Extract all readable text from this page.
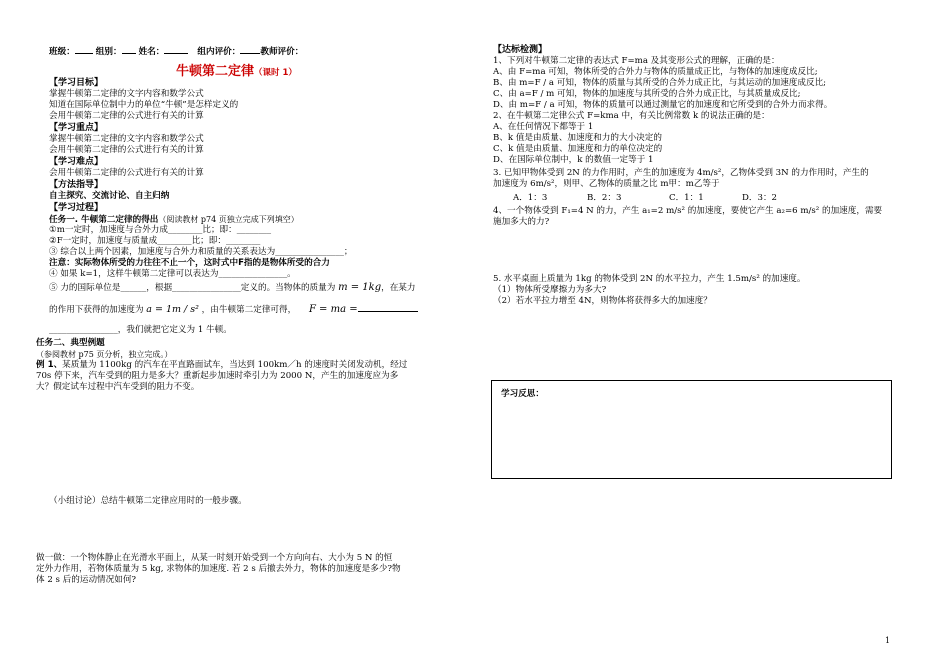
班级： 组别： 姓名：	组内评价： 教师评价：
牛顿第二定律（课时 1）
【学习目标】
掌握牛顿第二定律的文字内容和数学公式
知道在国际单位制中力的单位“牛顿”是怎样定义的
会用牛顿第二定律的公式进行有关的计算
【学习重点】
掌握牛顿第二定律的文字内容和数学公式
会用牛顿第二定律的公式进行有关的计算
【学习难点】
会用牛顿第二定律的公式进行有关的计算
【方法指导】
自主探究、交流讨论、自主归纳
【学习过程】
任务一. 牛顿第二定律的得出（阅读教材 p74 页独立完成下列填空）
①m一定时，加速度与合外力成________比；即：________
②F一定时，加速度与质量成________比；即：________
③ 综合以上两个因素，加速度与合外力和质量的关系表达为________________；
注意：实际物体所受的力往往不止一个，这时式中F指的是物体所受的合力
④ 如果 k=1，这样牛顿第二定律可以表达为________________。
⑤ 力的国际单位是______，根据________________定义的。当物体的质量为 m = 1kg，在某力
的作用下获得的加速度为 a = 1m / s² ，由牛顿第二定律可得， F = ma =
________________，我们就把它定义为 1 牛顿。
任务二、典型例题
（参阅教材 p75 页分析，独立完成。）
例 1、某质量为 1100kg 的汽车在平直路面试车，当达到 100km／h 的速度时关闭发动机，经过
70s 停下来，汽车受到的阻力是多大？重新起步加速时牵引力为 2000 N，产生的加速度应为多
大？假定试车过程中汽车受到的阻力不变。
（小组讨论）总结牛顿第二定律应用时的一般步骤。
做一做：一个物体静止在光滑水平面上，从某一时刻开始受到一个方向向右、大小为 5 N 的恒
定外力作用，若物体质量为 5 kg, 求物体的加速度. 若 2 s 后撤去外力，物体的加速度是多少?物
体 2 s 后的运动情况如何?
【达标检测】
1、下列对牛顿第二定律的表达式 F=ma 及其变形公式的理解，正确的是：
A、由 F=ma 可知，物体所受的合外力与物体的质量成正比，与物体的加速度成反比;
B、由 m=F / a 可知，物体的质量与其所受的合外力成正比，与其运动的加速度成反比;
C、由 a=F / m 可知，物体的加速度与其所受的合外力成正比，与其质量成反比;
D、由 m=F / a 可知，物体的质量可以通过测量它的加速度和它所受到的合外力而求得。
2、在牛顿第二定律公式 F=kma 中，有关比例常数 k 的说法正确的是：
A、在任何情况下都等于 1
B、k 值是由质量、加速度和力的大小决定的
C、k 值是由质量、加速度和力的单位决定的
D、在国际单位制中，k 的数值一定等于 1
3. 已知甲物体受到 2N 的力作用时，产生的加速度为 4m/s²，乙物体受到 3N 的力作用时，产生的
加速度为 6m/s²，则甲、乙物体的质量之比 m甲：m乙等于
A．1：3	B．2：3	C．1：1	D．3：2
4、一个物体受到 F₁=4 N 的力，产生 a₁=2 m/s² 的加速度，要使它产生 a₂=6 m/s² 的加速度，需要
施加多大的力?
5. 水平桌面上质量为 1kg 的物体受到 2N 的水平拉力，产生 1.5m/s² 的加速度。
（1）物体所受摩擦力为多大?
（2）若水平拉力增至 4N，则物体将获得多大的加速度？
学习反思：
1
